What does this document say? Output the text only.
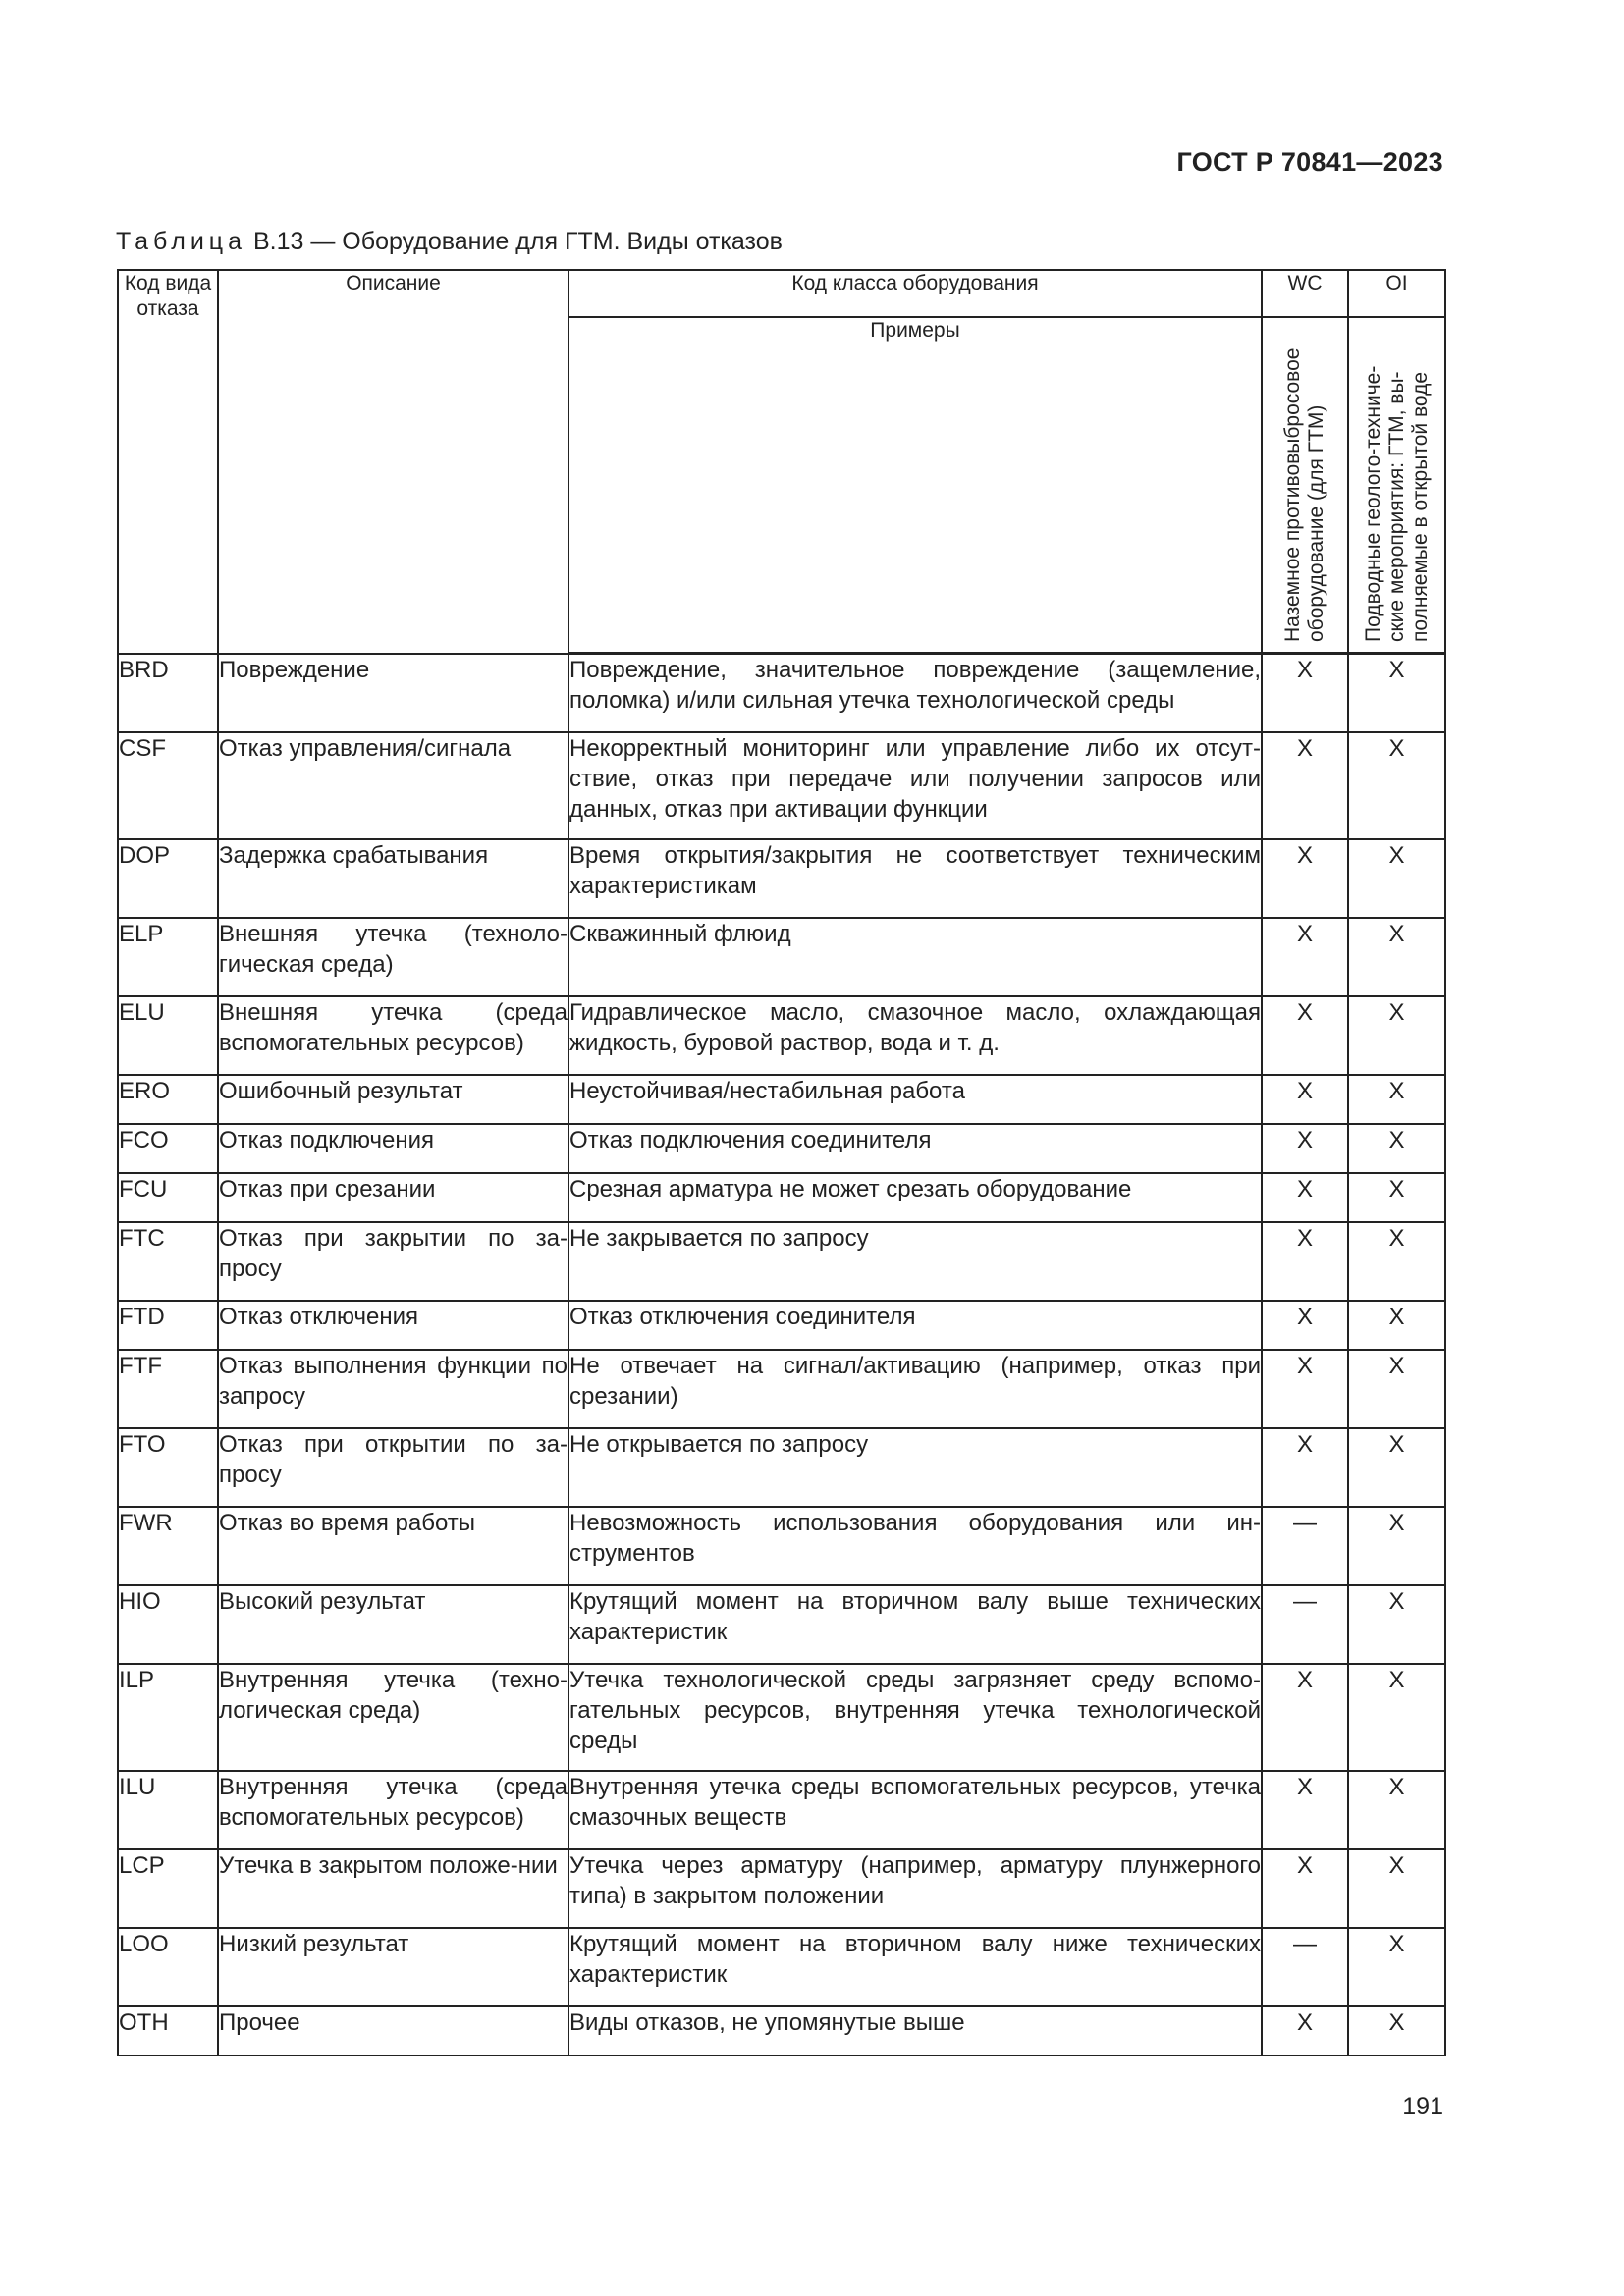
ГОСТ Р 70841—2023
Таблица В.13 — Оборудование для ГТМ. Виды отказов
Код вида отказа	Описание	Код класса оборудования	WC	OI
		Примеры	Наземное противовыбросовое оборудование (для ГТМ)	Подводные геолого-техниче-ские мероприятия: ГТМ, вы-полняемые в открытой воде

BRD	Повреждение	Повреждение, значительное повреждение (защемление, поломка) и/или сильная утечка технологической среды	X	X
CSF	Отказ управления/сигнала	Некорректный мониторинг или управление либо их отсут-ствие, отказ при передаче или получении запросов или данных, отказ при активации функции	X	X
DOP	Задержка срабатывания	Время открытия/закрытия не соответствует техническим характеристикам	X	X
ELP	Внешняя утечка (техноло-гическая среда)	Скважинный флюид	X	X
ELU	Внешняя утечка (среда вспомогательных ресурсов)	Гидравлическое масло, смазочное масло, охлаждающая жидкость, буровой раствор, вода и т. д.	X	X
ERO	Ошибочный результат	Неустойчивая/нестабильная работа	X	X
FCO	Отказ подключения	Отказ подключения соединителя	X	X
FCU	Отказ при срезании	Срезная арматура не может срезать оборудование	X	X
FTC	Отказ при закрытии по за-просу	Не закрывается по запросу	X	X
FTD	Отказ отключения	Отказ отключения соединителя	X	X
FTF	Отказ выполнения функции по запросу	Не отвечает на сигнал/активацию (например, отказ при срезании)	X	X
FTO	Отказ при открытии по за-просу	Не открывается по запросу	X	X
FWR	Отказ во время работы	Невозможность использования оборудования или ин-струментов	—	X
HIO	Высокий результат	Крутящий момент на вторичном валу выше технических характеристик	—	X
ILP	Внутренняя утечка (техно-логическая среда)	Утечка технологической среды загрязняет среду вспомо-гательных ресурсов, внутренняя утечка технологической среды	X	X
ILU	Внутренняя утечка (среда вспомогательных ресурсов)	Внутренняя утечка среды вспомогательных ресурсов, утечка смазочных веществ	X	X
LCP	Утечка в закрытом положе-нии	Утечка через арматуру (например, арматуру плунжерного типа) в закрытом положении	X	X
LOO	Низкий результат	Крутящий момент на вторичном валу ниже технических характеристик	—	X
OTH	Прочее	Виды отказов, не упомянутые выше	X	X
191
